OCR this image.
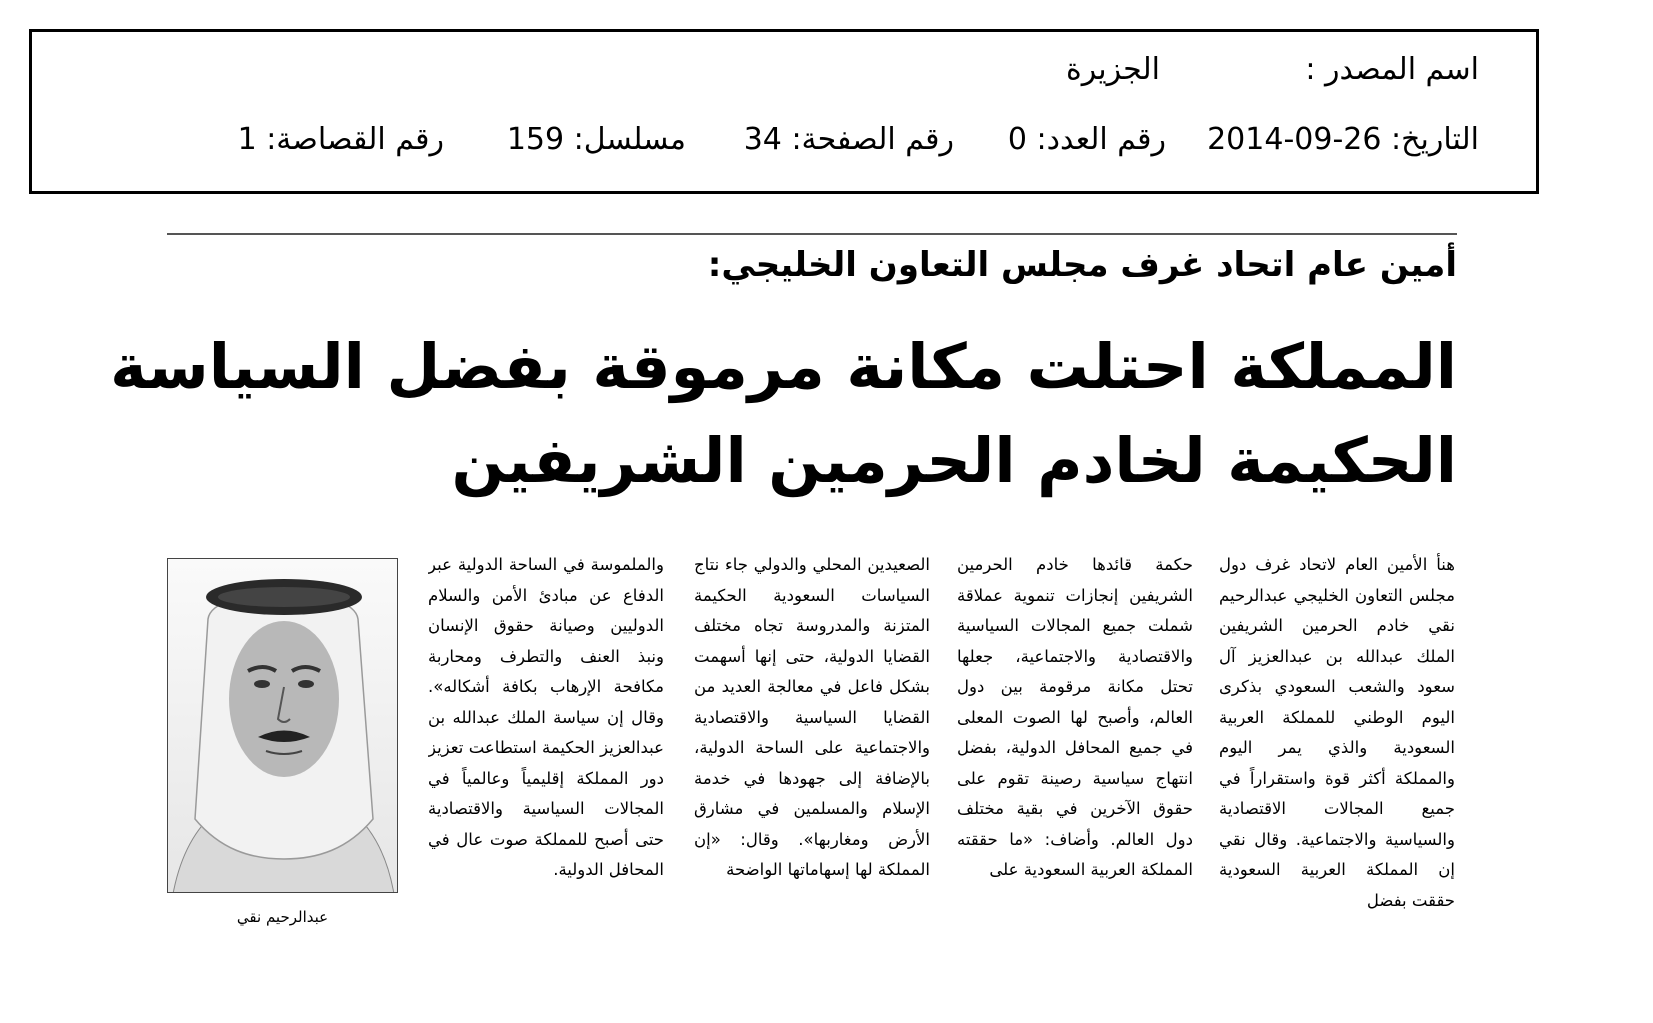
اسم المصدر :
الجزيرة
التاريخ: 26-09-2014
رقم العدد: 0
رقم الصفحة: 34
مسلسل: 159
رقم القصاصة: 1
أمين عام اتحاد غرف مجلس التعاون الخليجي:
المملكة احتلت مكانة مرموقة بفضل السياسة
الحكيمة لخادم الحرمين الشريفين
هنأ الأمين العام لاتحاد غرف دول مجلس التعاون الخليجي عبدالرحيم نقي خادم الحرمين الشريفين الملك عبدالله بن عبدالعزيز آل سعود والشعب السعودي بذكرى اليوم الوطني للمملكة العربية السعودية والذي يمر اليوم والمملكة أكثر قوة واستقراراً في جميع المجالات الاقتصادية والسياسية والاجتماعية. وقال نقي إن المملكة العربية السعودية حققت بفضل
حكمة قائدها خادم الحرمين الشريفين إنجازات تنموية عملاقة شملت جميع المجالات السياسية والاقتصادية والاجتماعية، جعلها تحتل مكانة مرقومة بين دول العالم، وأصبح لها الصوت المعلى في جميع المحافل الدولية، بفضل انتهاج سياسية رصينة تقوم على حقوق الآخرين في بقية مختلف دول العالم. وأضاف: «ما حققته المملكة العربية السعودية على
الصعيدين المحلي والدولي جاء نتاج السياسات السعودية الحكيمة المتزنة والمدروسة تجاه مختلف القضايا الدولية، حتى إنها أسهمت بشكل فاعل في معالجة العديد من القضايا السياسية والاقتصادية والاجتماعية على الساحة الدولية، بالإضافة إلى جهودها في خدمة الإسلام والمسلمين في مشارق الأرض ومغاربها». وقال: «إن المملكة لها إسهاماتها الواضحة
والملموسة في الساحة الدولية عبر الدفاع عن مبادئ الأمن والسلام الدوليين وصيانة حقوق الإنسان ونبذ العنف والتطرف ومحاربة مكافحة الإرهاب بكافة أشكاله». وقال إن سياسة الملك عبدالله بن عبدالعزيز الحكيمة استطاعت تعزيز دور المملكة إقليمياً وعالمياً في المجالات السياسية والاقتصادية حتى أصبح للمملكة صوت عال في المحافل الدولية.
عبدالرحيم نقي
